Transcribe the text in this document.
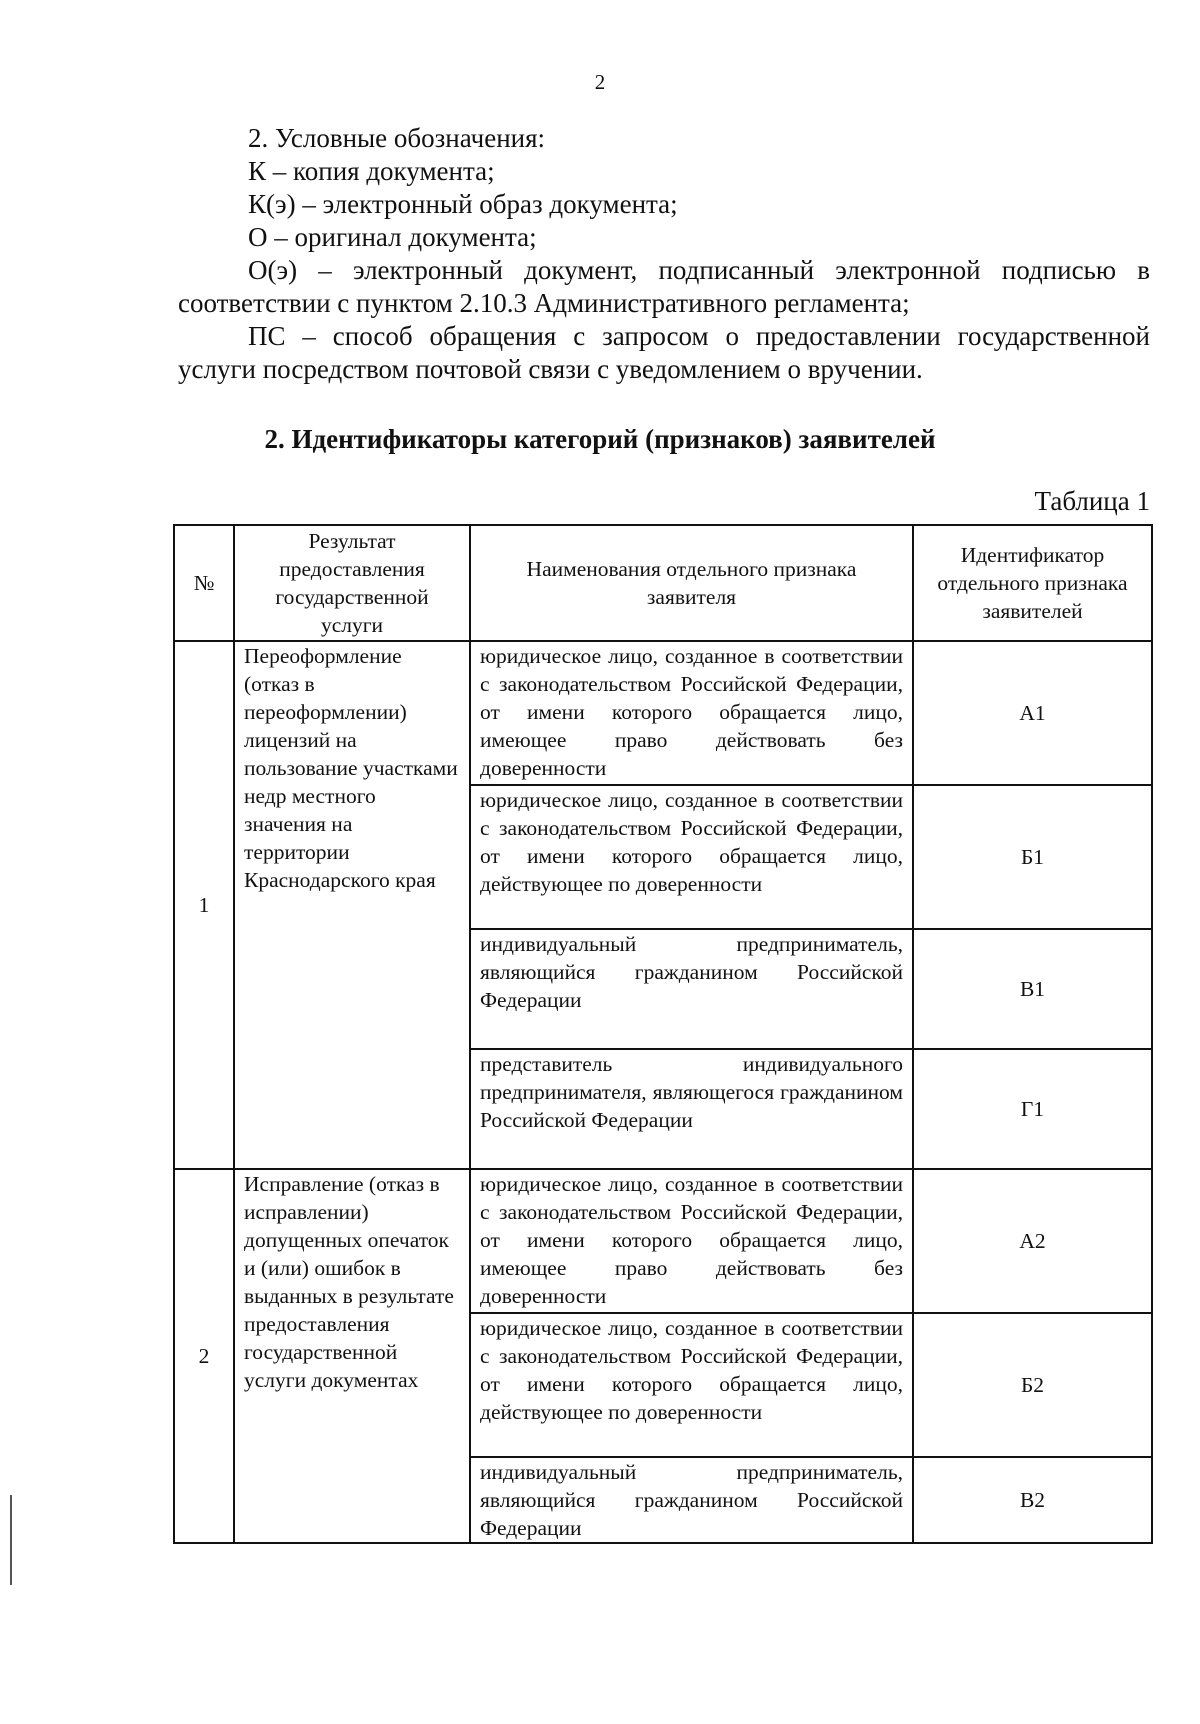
2

2. Условные обозначения:

К – копия документа;

К(э) – электронный образ документа;

О – оригинал документа;

О(э) – электронный документ, подписанный электронной подписью в соответствии с пунктом 2.10.3 Административного регламента;

ПС – способ обращения с запросом о предоставлении государственной услуги посредством почтовой связи с уведомлением о вручении.

2. Идентификаторы категорий (признаков) заявителей
Таблица 1
№	Результат предоставления государственной услуги	Наименования отдельного признака заявителя	Идентификатор отдельного признака заявителей
1	Переоформление (отказ в переоформлении) лицензий на пользование участками недр местного значения на территории Краснодарского края	юридическое лицо, созданное в соответствии с законодательством Российской Федерации, от имени которого обращается лицо, имеющее право действовать без доверенности	А1
		юридическое лицо, созданное в соответствии с законодательством Российской Федерации, от имени которого обращается лицо, действующее по доверенности	Б1
		индивидуальный предприниматель, являющийся гражданином Российской Федерации	В1
		представитель индивидуального предпринимателя, являющегося гражданином Российской Федерации	Г1
2	Исправление (отказ в исправлении) допущенных опечаток и (или) ошибок в выданных в результате предоставления государственной услуги документах	юридическое лицо, созданное в соответствии с законодательством Российской Федерации, от имени которого обращается лицо, имеющее право действовать без доверенности	А2
		юридическое лицо, созданное в соответствии с законодательством Российской Федерации, от имени которого обращается лицо, действующее по доверенности	Б2
		индивидуальный предприниматель, являющийся гражданином Российской Федерации	В2
